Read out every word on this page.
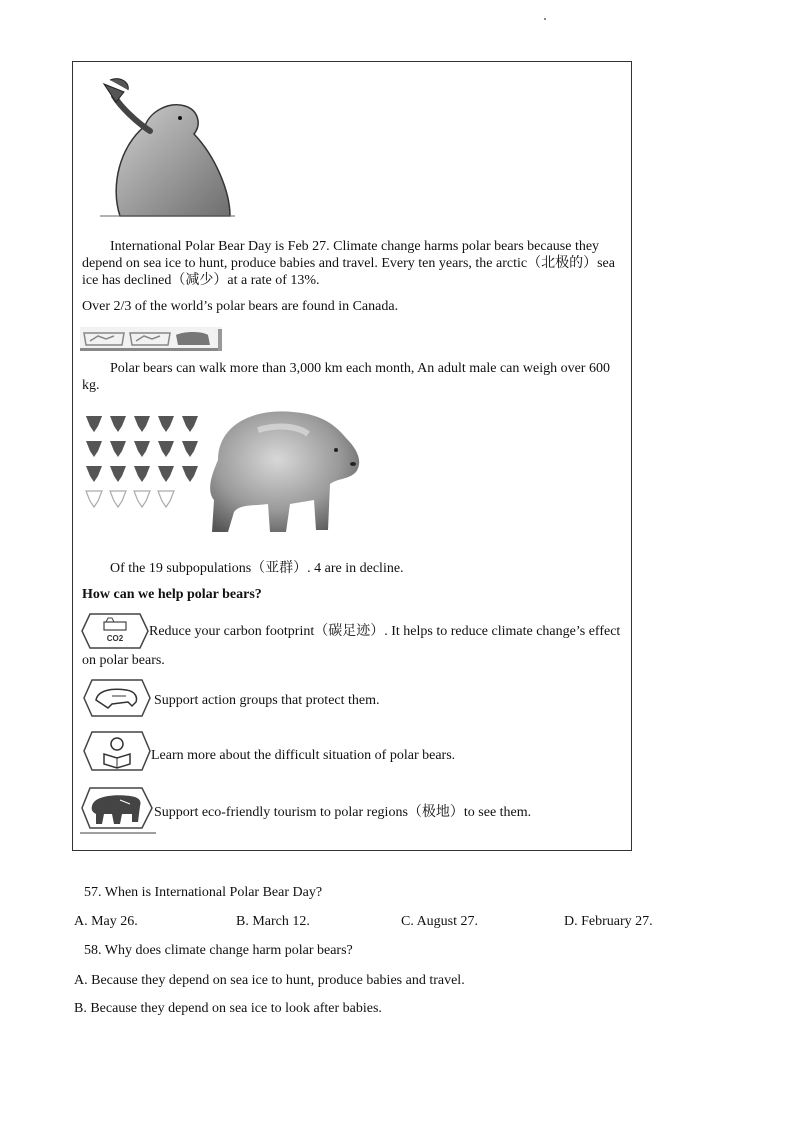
International Polar Bear Day is Feb 27. Climate change harms polar bears because they depend on sea ice to hunt, produce babies and travel. Every ten years, the arctic（北极的）sea ice has declined（减少）at a rate of 13%.
Over 2/3 of the world’s polar bears are found in Canada.
Polar bears can walk more than 3,000 km each month, An adult male can weigh over 600 kg.
Of the 19 subpopulations（亚群）. 4 are in decline.
How can we help polar bears?
CO2 Reduce your carbon footprint（碳足迹）. It helps to reduce climate change’s effect
on polar bears.
Support action groups that protect them.
Learn more about the difficult situation of polar bears.
Support eco-friendly tourism to polar regions（极地）to see them.
57. When is International Polar Bear Day?
A. May 26.	B. March 12.	C. August 27.	D. February 27.
58. Why does climate change harm polar bears?
A. Because they depend on sea ice to hunt, produce babies and travel.
B. Because they depend on sea ice to look after babies.
